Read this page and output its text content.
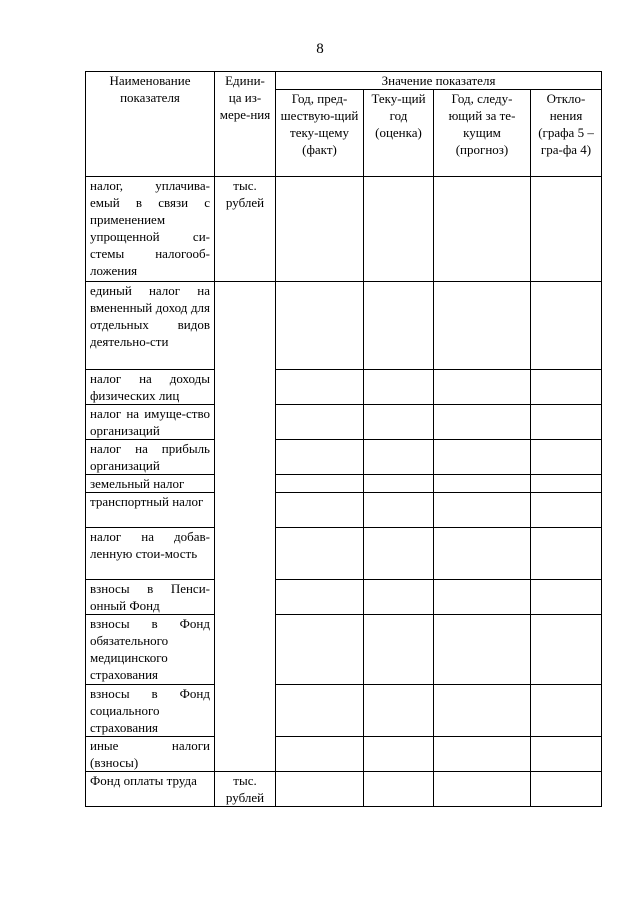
8
Наименование показателя	Едини-ца из-мере-ния	Значение показателя			
		Год, пред-шествую-щий теку-щему (факт)	Теку-щий год (оценка)	Год, следу-ющий за те-кущим (прогноз)	Откло-нения (графа 5 – гра-фа 4)
налог, уплачива-емый в связи с применением упрощенной си-стемы налогооб-ложения	тыс. рублей				
единый налог на вмененный доход для отдельных видов деятельно-сти					
налог на доходы физических лиц					
налог на имуще-ство организаций					
налог на прибыль организаций					
земельный налог					
транспортный налог					
налог на добав-ленную стои-мость					
взносы в Пенси-онный Фонд					
взносы в Фонд обязательного медицинского страхования					
взносы в Фонд социального страхования					
иные налоги (взносы)					
Фонд оплаты труда	тыс. рублей				
